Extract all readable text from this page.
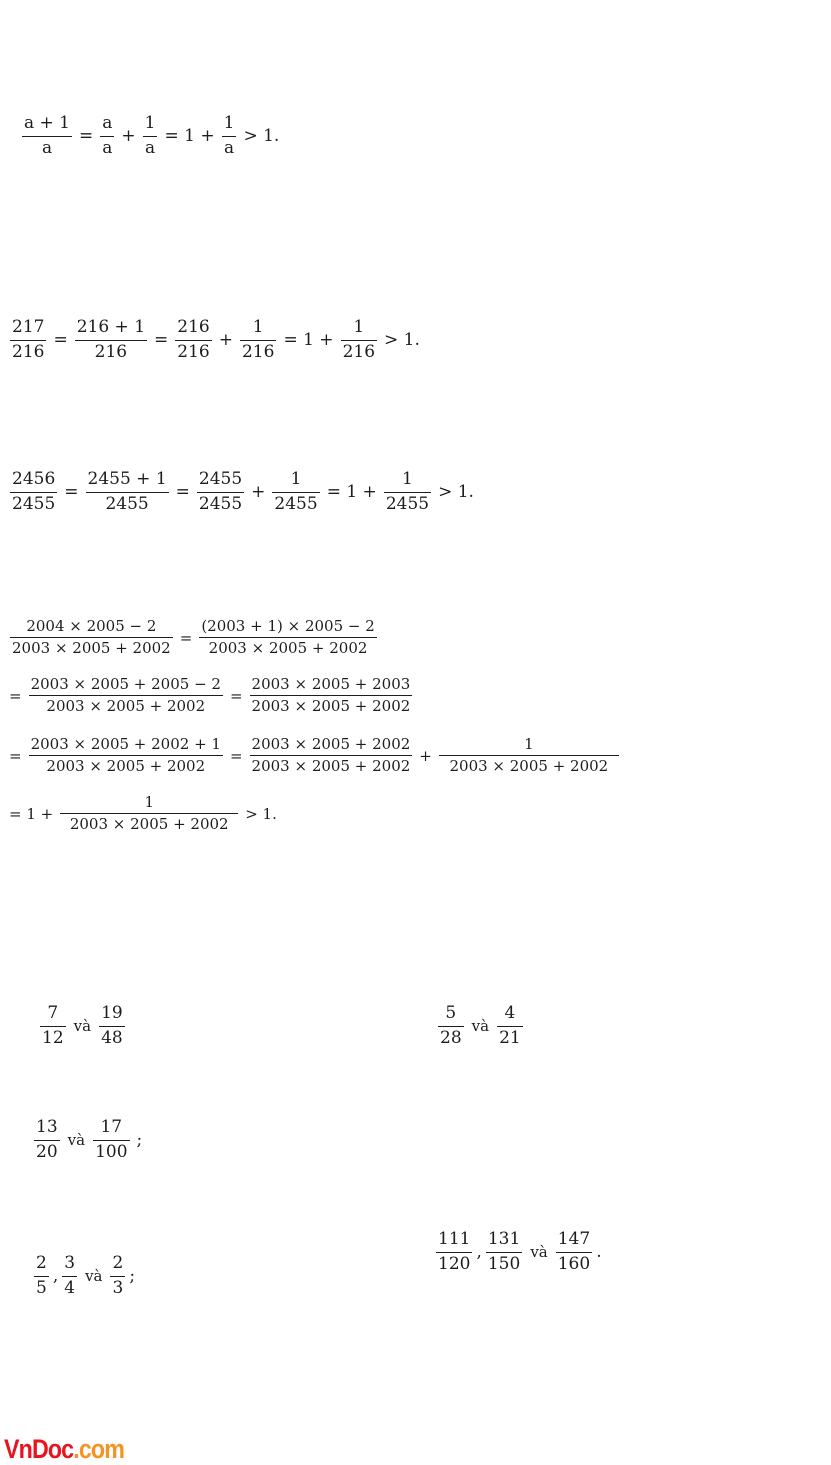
$\frac{a + 1}{a} = \frac{a}{a} + \frac{1}{a} = 1 + \frac{1}{a} > 1$.
$\frac{217}{216} = \frac{216 + 1}{216} = \frac{216}{216} + \frac{1}{216} = 1 + \frac{1}{216} > 1$.
$\frac{2456}{2455} = \frac{2455 + 1}{2455} = \frac{2455}{2455} + \frac{1}{2455} = 1 + \frac{1}{2455} > 1$.
$\frac{2004 \times 2005 - 2}{2003 \times 2005 + 2002} = \frac{(2003 + 1) \times 2005 - 2}{2003 \times 2005 + 2002}$
= $\frac{2003 \times 2005 + 2005 - 2}{2003 \times 2005 + 2002} = \frac{2003 \times 2005 + 2003}{2003 \times 2005 + 2002}$
= $\frac{2003 \times 2005 + 2002 + 1}{2003 \times 2005 + 2002} = \frac{2003 \times 2005 + 2002}{2003 \times 2005 + 2002} + \frac{1}{2003 \times 2005 + 2002}$
= $1 + \frac{1}{2003 \times 2005 + 2002} > 1$.
$\frac{7}{12}$ và $\frac{19}{48}$	$\frac{5}{28}$ và $\frac{4}{21}$
$\frac{13}{20}$ và $\frac{17}{100}$ ;
$\frac{2}{5}$ , $\frac{3}{4}$ và $\frac{2}{3}$ ;
$\frac{111}{120}$ , $\frac{131}{150}$ và $\frac{147}{160}$ .
VnDoc.com
